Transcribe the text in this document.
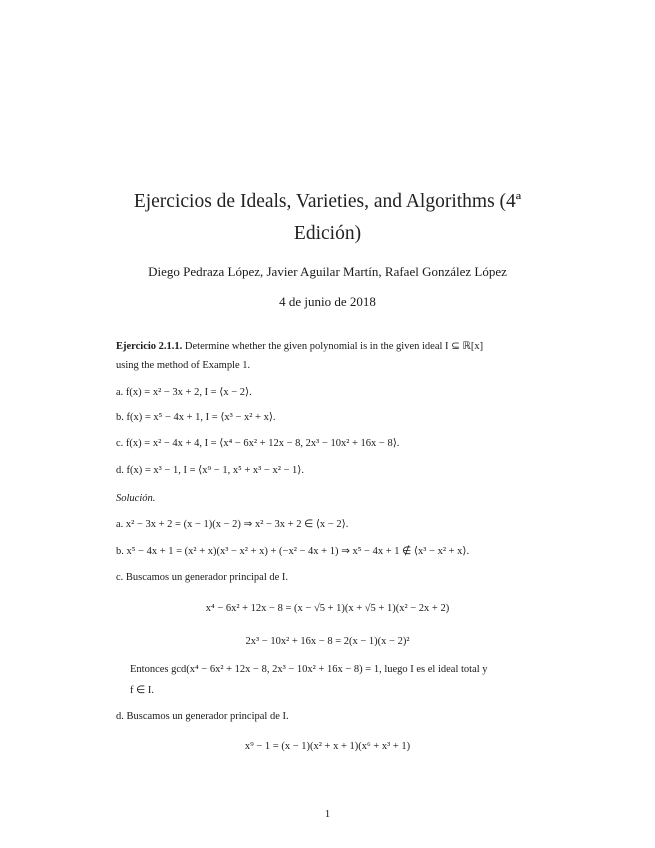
Ejercicios de Ideals, Varieties, and Algorithms (4ª
Edición)
Diego Pedraza López, Javier Aguilar Martín, Rafael González López
4 de junio de 2018
Ejercicio 2.1.1. Determine whether the given polynomial is in the given ideal I ⊆ ℝ[x]
using the method of Example 1.
a. f(x) = x² − 3x + 2, I = ⟨x − 2⟩.
b. f(x) = x⁵ − 4x + 1, I = ⟨x³ − x² + x⟩.
c. f(x) = x² − 4x + 4, I = ⟨x⁴ − 6x² + 12x − 8, 2x³ − 10x² + 16x − 8⟩.
d. f(x) = x³ − 1, I = ⟨x⁹ − 1, x⁵ + x³ − x² − 1⟩.
Solución.
a. x² − 3x + 2 = (x − 1)(x − 2) ⇒ x² − 3x + 2 ∈ ⟨x − 2⟩.
b. x⁵ − 4x + 1 = (x² + x)(x³ − x² + x) + (−x² − 4x + 1) ⇒ x⁵ − 4x + 1 ∉ ⟨x³ − x² + x⟩.
c. Buscamos un generador principal de I.
x⁴ − 6x² + 12x − 8 = (x − √5 + 1)(x + √5 + 1)(x² − 2x + 2)
2x³ − 10x² + 16x − 8 = 2(x − 1)(x − 2)²
Entonces gcd(x⁴ − 6x² + 12x − 8, 2x³ − 10x² + 16x − 8) = 1, luego I es el ideal total y
f ∈ I.
d. Buscamos un generador principal de I.
x⁹ − 1 = (x − 1)(x² + x + 1)(x⁶ + x³ + 1)
1
